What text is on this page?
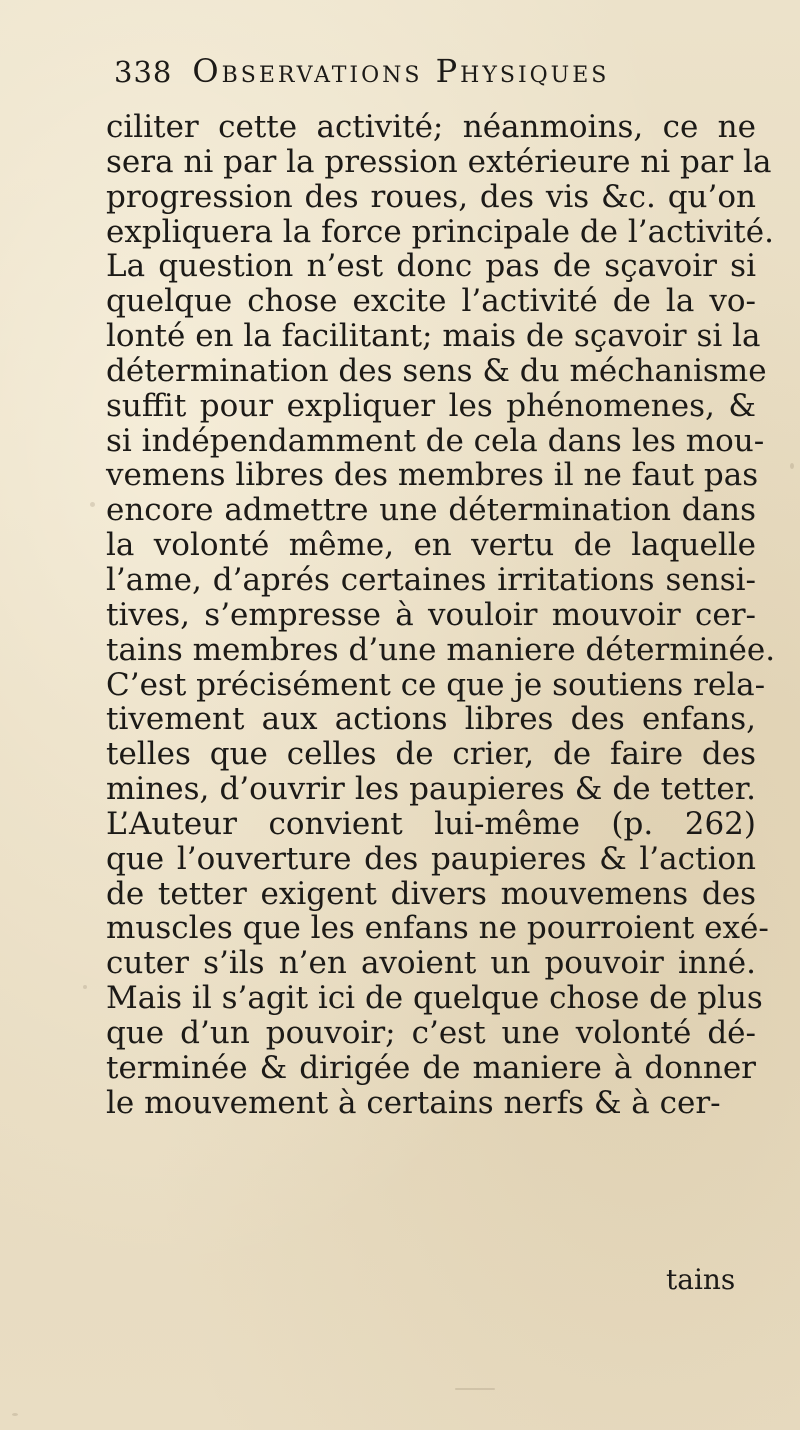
338 Observations Physiques
ciliter cette activité; néanmoins, ce ne
sera ni par la pression extérieure ni par la
progression des roues, des vis &c. qu’on
expliquera la force principale de l’activité.
La question n’est donc pas de sçavoir si
quelque chose excite l’activité de la vo-
lonté en la facilitant; mais de sçavoir si la
détermination des sens & du méchanisme
suffit pour expliquer les phénomenes, &
si indépendamment de cela dans les mou-
vemens libres des membres il ne faut pas
encore admettre une détermination dans
la volonté même, en vertu de laquelle
l’ame, d’aprés certaines irritations sensi-
tives, s’empresse à vouloir mouvoir cer-
tains membres d’une maniere déterminée.
C’est précisément ce que je soutiens rela-
tivement aux actions libres des enfans,
telles que celles de crier, de faire des
mines, d’ouvrir les paupieres & de tetter.
L’Auteur convient lui-même (p. 262)
que l’ouverture des paupieres & l’action
de tetter exigent divers mouvemens des
muscles que les enfans ne pourroient exé-
cuter s’ils n’en avoient un pouvoir inné.
Mais il s’agit ici de quelque chose de plus
que d’un pouvoir; c’est une volonté dé-
terminée & dirigée de maniere à donner
le mouvement à certains nerfs & à cer-
tains
